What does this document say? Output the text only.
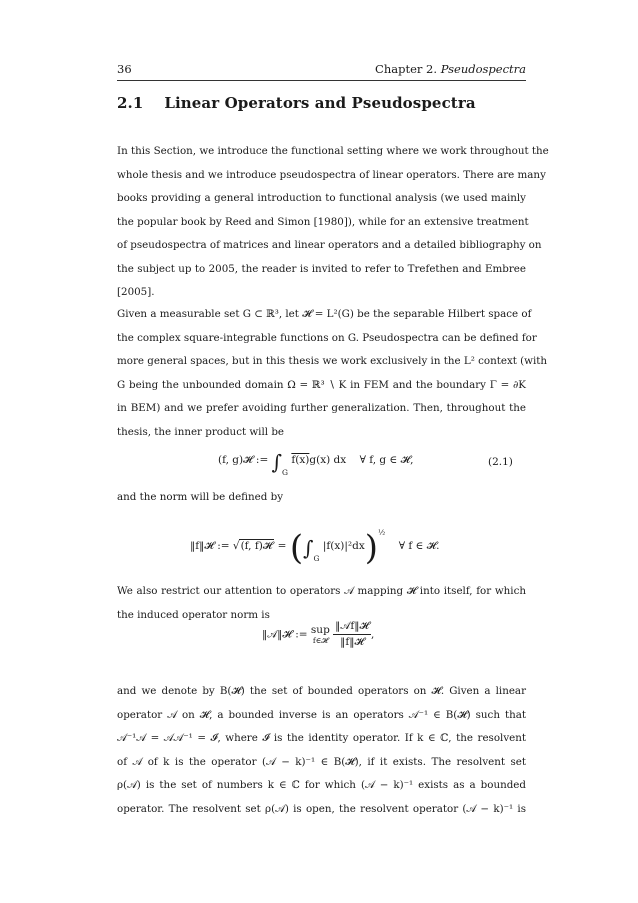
36	Chapter 2. Pseudospectra
2.1 Linear Operators and Pseudospectra
In this Section, we introduce the functional setting where we work throughout the
whole thesis and we introduce pseudospectra of linear operators. There are many
books providing a general introduction to functional analysis (we used mainly
the popular book by Reed and Simon [1980]), while for an extensive treatment
of pseudospectra of matrices and linear operators and a detailed bibliography on
the subject up to 2005, the reader is invited to refer to Trefethen and Embree
[2005].
Given a measurable set G ⊂ ℝ³, let 𝓗 = L²(G) be the separable Hilbert space of
the complex square-integrable functions on G. Pseudospectra can be defined for
more general spaces, but in this thesis we work exclusively in the L² context (with
G being the unbounded domain Ω = ℝ³ ∖ K in FEM and the boundary Γ = ∂K
in BEM) and we prefer avoiding further generalization. Then, throughout the
thesis, the inner product will be
(f, g)𝓗 := $\int_G$ f(x)g(x) dx ∀ f, g ∈ 𝓗,	(2.1)
and the norm will be defined by
‖f‖𝓗 := √(f, f)𝓗 = ($\int_G$ |f(x)|²dx)$^{\frac{1}{2}}$    ∀ f ∈ 𝓗.
We also restrict our attention to operators 𝒜 mapping 𝓗 into itself, for which
the induced operator norm is
‖𝒜‖𝓗 := sup
f∈𝓗
$\frac{\text{‖𝒜f‖𝓗}}{\text{‖f‖𝓗}}$ ,
and we denote by B(𝓗) the set of bounded operators on 𝓗. Given a linear
operator 𝒜 on 𝓗, a bounded inverse is an operators 𝒜⁻¹ ∈ B(𝓗) such that
𝒜⁻¹𝒜 = 𝒜𝒜⁻¹ = 𝓘, where 𝓘 is the identity operator. If k ∈ ℂ, the resolvent
of 𝒜 of k is the operator (𝒜 − k)⁻¹ ∈ B(𝓗), if it exists. The resolvent set
ρ(𝒜) is the set of numbers k ∈ ℂ for which (𝒜 − k)⁻¹ exists as a bounded
operator. The resolvent set ρ(𝒜) is open, the resolvent operator (𝒜 − k)⁻¹ is
